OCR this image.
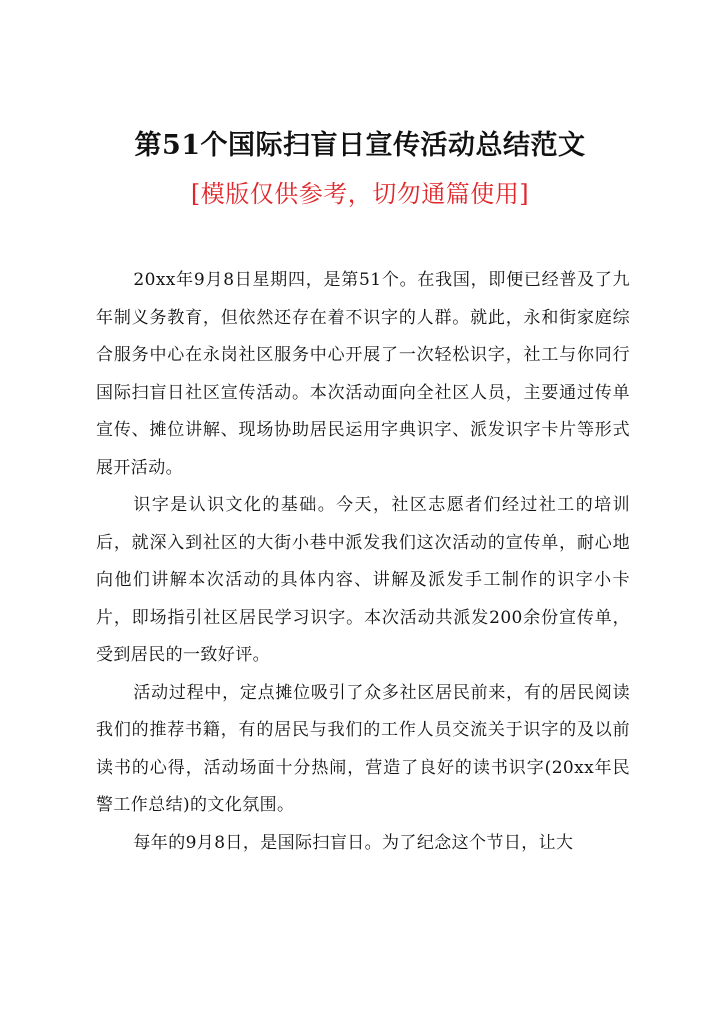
第51个国际扫盲日宣传活动总结范文
[模版仅供参考，切勿通篇使用]

20xx年9月8日星期四，是第51个。在我国，即便已经普及了九年制义务教育，但依然还存在着不识字的人群。就此，永和街家庭综合服务中心在永岗社区服务中心开展了一次轻松识字，社工与你同行国际扫盲日社区宣传活动。本次活动面向全社区人员，主要通过传单宣传、摊位讲解、现场协助居民运用字典识字、派发识字卡片等形式展开活动。

识字是认识文化的基础。今天，社区志愿者们经过社工的培训后，就深入到社区的大街小巷中派发我们这次活动的宣传单，耐心地向他们讲解本次活动的具体内容、讲解及派发手工制作的识字小卡片，即场指引社区居民学习识字。本次活动共派发200余份宣传单，受到居民的一致好评。

活动过程中，定点摊位吸引了众多社区居民前来，有的居民阅读我们的推荐书籍，有的居民与我们的工作人员交流关于识字的及以前读书的心得，活动场面十分热闹，营造了良好的读书识字(20xx年民警工作总结)的文化氛围。

每年的9月8日，是国际扫盲日。为了纪念这个节日，让大
